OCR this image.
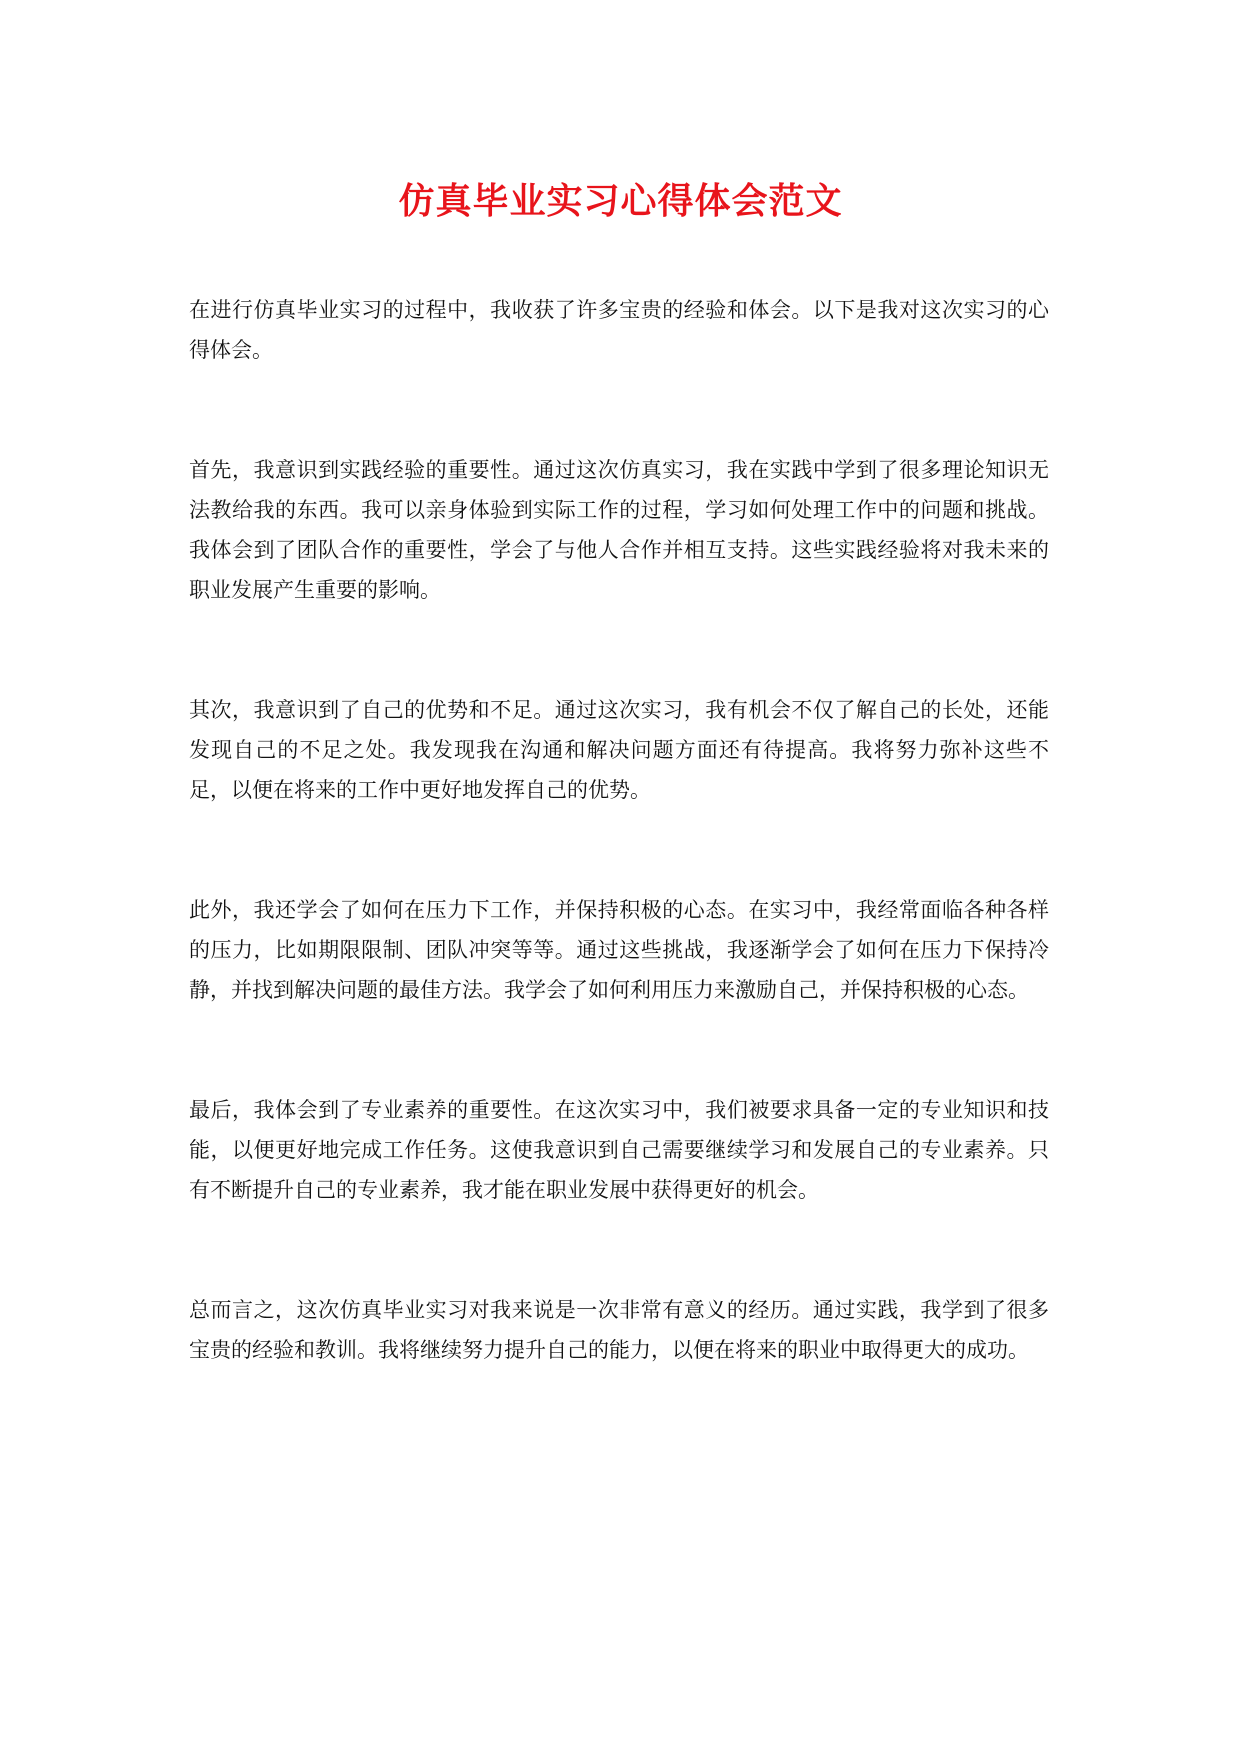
仿真毕业实习心得体会范文

在进行仿真毕业实习的过程中，我收获了许多宝贵的经验和体会。以下是我对这次实习的心得体会。

首先，我意识到实践经验的重要性。通过这次仿真实习，我在实践中学到了很多理论知识无法教给我的东西。我可以亲身体验到实际工作的过程，学习如何处理工作中的问题和挑战。我体会到了团队合作的重要性，学会了与他人合作并相互支持。这些实践经验将对我未来的职业发展产生重要的影响。

其次，我意识到了自己的优势和不足。通过这次实习，我有机会不仅了解自己的长处，还能发现自己的不足之处。我发现我在沟通和解决问题方面还有待提高。我将努力弥补这些不足，以便在将来的工作中更好地发挥自己的优势。

此外，我还学会了如何在压力下工作，并保持积极的心态。在实习中，我经常面临各种各样的压力，比如期限限制、团队冲突等等。通过这些挑战，我逐渐学会了如何在压力下保持冷静，并找到解决问题的最佳方法。我学会了如何利用压力来激励自己，并保持积极的心态。

最后，我体会到了专业素养的重要性。在这次实习中，我们被要求具备一定的专业知识和技能，以便更好地完成工作任务。这使我意识到自己需要继续学习和发展自己的专业素养。只有不断提升自己的专业素养，我才能在职业发展中获得更好的机会。

总而言之，这次仿真毕业实习对我来说是一次非常有意义的经历。通过实践，我学到了很多宝贵的经验和教训。我将继续努力提升自己的能力，以便在将来的职业中取得更大的成功。
